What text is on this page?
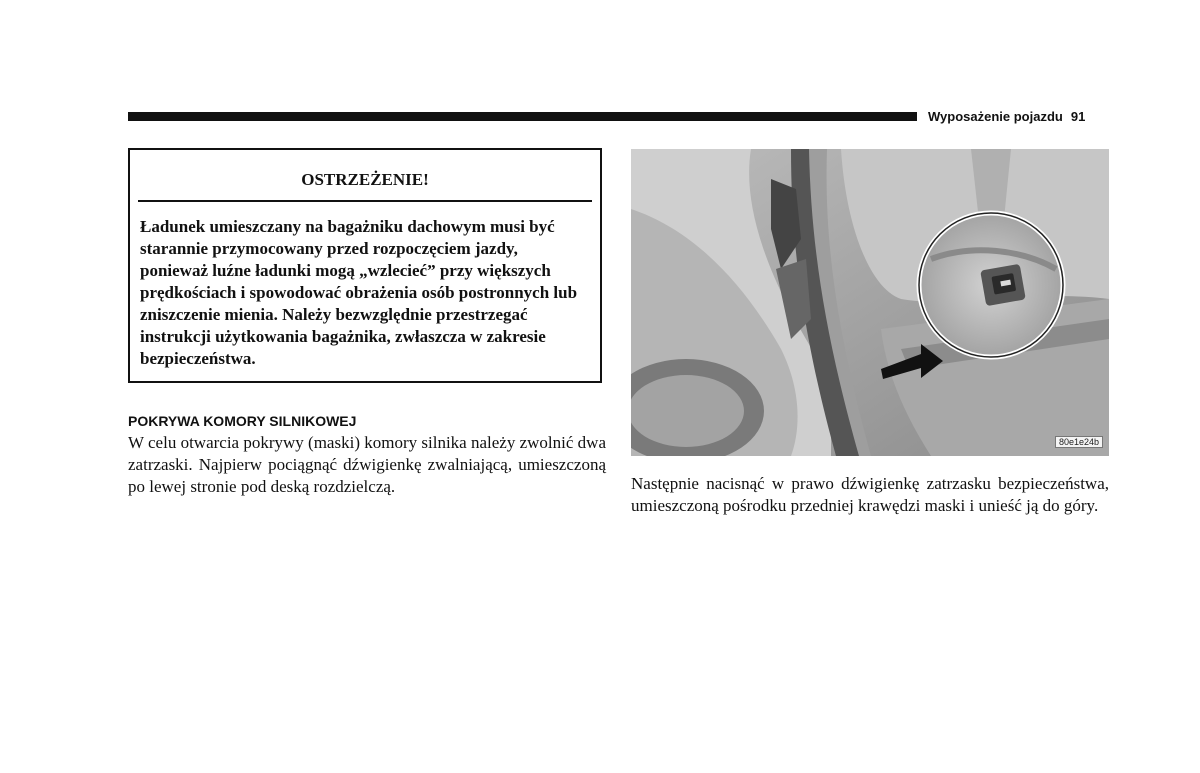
Wyposażenie pojazdu 91
OSTRZEŻENIE!

Ładunek umieszczany na bagażniku dachowym musi być starannie przymocowany przed rozpoczęciem jazdy, ponieważ luźne ładunki mogą „wzlecieć” przy większych prędkościach i spowodować obrażenia osób postronnych lub zniszczenie mienia. Należy bezwzględnie przestrzegać instrukcji użytkowania bagażnika, zwłaszcza w zakresie bezpieczeństwa.

POKRYWA KOMORY SILNIKOWEJ

W celu otwarcia pokrywy (maski) komory silnika należy zwolnić dwa zatrzaski. Najpierw pociągnąć dźwigienkę zwalniającą, umieszczoną po lewej stronie pod deską rozdzielczą.

80e1e24b

Następnie nacisnąć w prawo dźwigienkę zatrzasku bezpieczeństwa, umieszczoną pośrodku przedniej krawędzi maski i unieść ją do góry.
